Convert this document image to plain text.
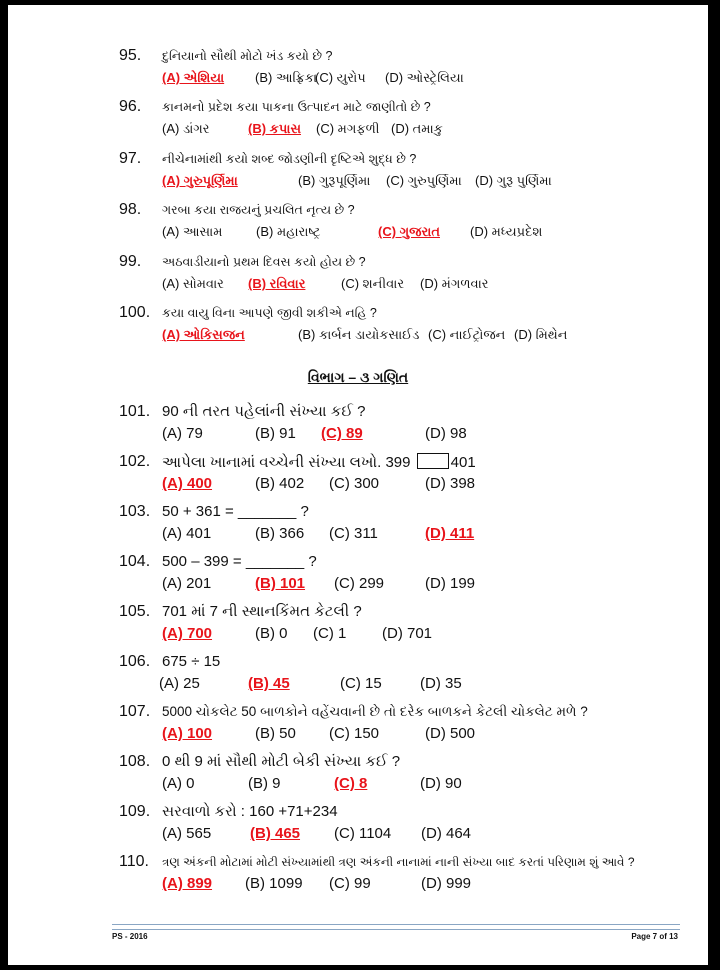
95. દુનિયાનો સૌથી મોટો ખંડ કયો છે ?
(A) એશિયા (B) આફ્રિકા
(C) યુરોપ (D) ઓસ્ટ્રેલિયા
96. કાનમનો પ્રદેશ કયા પાકના ઉત્પાદન માટે જાણીતો છે ?
(A) ડાંગર	(B) કપાસ (C) મગફળી (D) તમાકુ
97. નીચેનામાંથી કયો શબ્દ જોડણીની દૃષ્ટિએ શુદ્ધ છે ?
(A) ગુરુપૂર્ણિમા	(B) ગુરૂપૂર્ણિમા (C) ગુરુપુર્ણિમા (D) ગુરૂ પુર્ણિમા
98. ગરબા કયા રાજયનું પ્રચલિત નૃત્ય છે ?
(A) આસામ	(B) મહારાષ્ટ્ર	(C) ગુજરાત (D) મધ્યપ્રદેશ
99. અઠવાડીયાનો પ્રથમ દિવસ કયો હોય છે ?
(A) સોમવાર (B) રવિવાર	(C) શનીવાર (D) મંગળવાર
100. કયા વાયુ વિના આપણે જીવી શકીએ નહિ ?
(A) ઓકિસજન	(B) કાર્બન ડાયોકસાઈડ (C) નાઈટ્રોજન (D) મિથેન
વિભાગ – ૩ ગણિત
101. 90 ની તરત પહેલાંની સંખ્યા કઈ ?
(A) 79	(B) 91 (C) 89	(D) 98
102. આપેલા ખાનામાં વચ્ચેની સંખ્યા લખો. 399	401
(A) 400	(B) 402 (C) 300	(D) 398
103. 50 + 361 = _______ ?
(A) 401	(B) 366 (C) 311	(D) 411
104. 500 – 399 = _______ ?
(A) 201	(B) 101 (C) 299	(D) 199
105. 701 માં 7 ની સ્થાનકિંમત કેટલી ?
(A) 700	(B) 0 (C) 1 (D) 701
106. 675 ÷ 15
(A) 25	(B) 45	(C) 15	(D) 35
107. 5000 ચોકલેટ 50 બાળકોને વહેંચવાની છે તો દરેક બાળકને કેટલી ચોકલેટ મળે ?
(A) 100	(B) 50 (C) 150	(D) 500
108. 0 થી 9 માં સૌથી મોટી બેકી સંખ્યા કઈ ?
(A) 0	(B) 9	(C) 8	(D) 90
109. સરવાળો કરો : 160 +71+234
(A) 565	(B) 465 (C) 1104 (D) 464
110. ત્રણ અંકની મોટામાં મોટી સંખ્યામાંથી ત્રણ અંકની નાનામાં નાની સંખ્યા બાદ કરતાં પરિણામ શું આવે ?
(A) 899 (B) 1099 (C) 99	(D) 999
PS - 2016	Page 7 of 13
